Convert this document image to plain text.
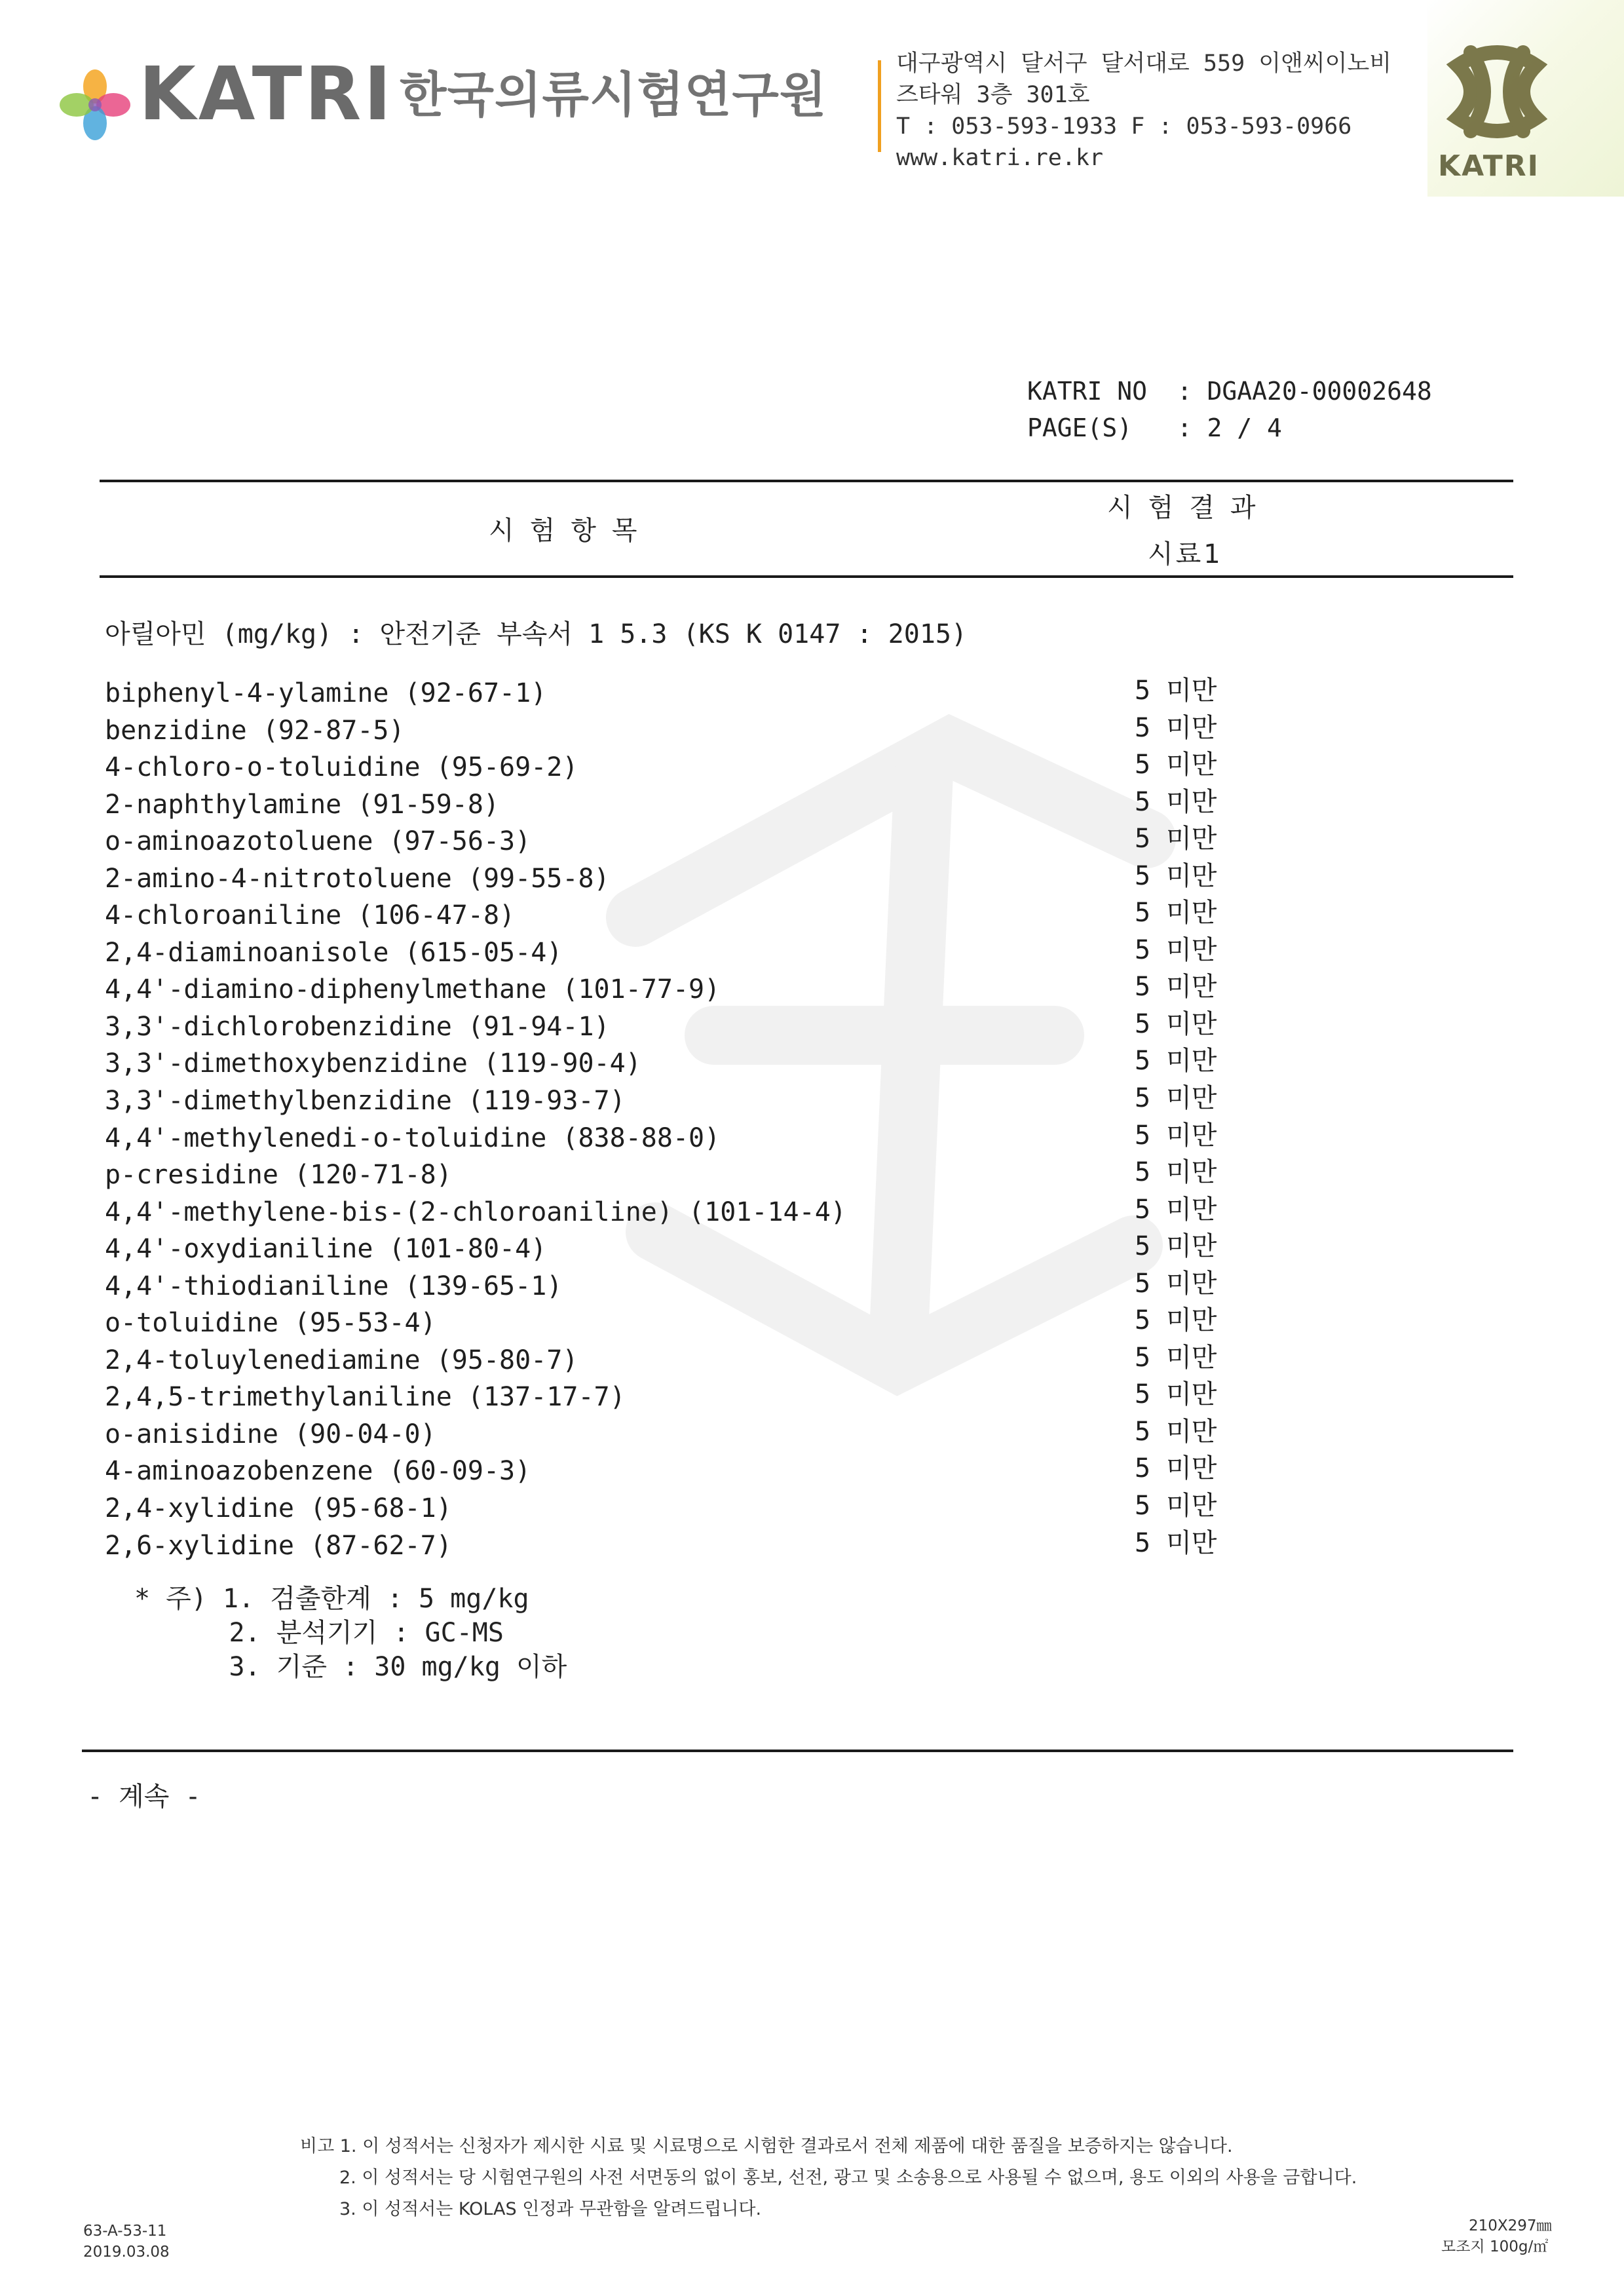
KATRI 한국의류시험연구원
대구광역시 달서구 달서대로 559 이앤씨이노비
즈타워 3층 301호
T : 053-593-1933 F : 053-593-0966
www.katri.re.kr	KATRI
KATRI NO  : DGAA20-00002648
PAGE(S)   : 2 / 4
시험항목
시험결과
시료1
아릴아민 (mg/kg) : 안전기준 부속서 1 5.3 (KS K 0147 : 2015)
biphenyl-4-ylamine (92-67-1)	5 미만
benzidine (92-87-5)	5 미만
4-chloro-o-toluidine (95-69-2)	5 미만
2-naphthylamine (91-59-8)	5 미만
o-aminoazotoluene (97-56-3)	5 미만
2-amino-4-nitrotoluene (99-55-8)	5 미만
4-chloroaniline (106-47-8)	5 미만
2,4-diaminoanisole (615-05-4)	5 미만
4,4'-diamino-diphenylmethane (101-77-9)	5 미만
3,3'-dichlorobenzidine (91-94-1)	5 미만
3,3'-dimethoxybenzidine (119-90-4)	5 미만
3,3'-dimethylbenzidine (119-93-7)	5 미만
4,4'-methylenedi-o-toluidine (838-88-0)	5 미만
p-cresidine (120-71-8)	5 미만
4,4'-methylene-bis-(2-chloroaniline) (101-14-4)	5 미만
4,4'-oxydianiline (101-80-4)	5 미만
4,4'-thiodianiline (139-65-1)	5 미만
o-toluidine (95-53-4)	5 미만
2,4-toluylenediamine (95-80-7)	5 미만
2,4,5-trimethylaniline (137-17-7)	5 미만
o-anisidine (90-04-0)	5 미만
4-aminoazobenzene (60-09-3)	5 미만
2,4-xylidine (95-68-1)	5 미만
2,6-xylidine (87-62-7)	5 미만
* 주) 1. 검출한계 : 5 mg/kg
2. 분석기기 : GC-MS
3. 기준 : 30 mg/kg 이하
- 계속 -
비고 1. 이 성적서는 신청자가 제시한 시료 및 시료명으로 시험한 결과로서 전체 제품에 대한 품질을 보증하지는 않습니다.
2. 이 성적서는 당 시험연구원의 사전 서면동의 없이 홍보, 선전, 광고 및 소송용으로 사용될 수 없으며, 용도 이외의 사용을 금합니다.
3. 이 성적서는 KOLAS 인정과 무관함을 알려드립니다.
63-A-53-11
2019.03.08
210X297㎜
모조지 100g/㎡
